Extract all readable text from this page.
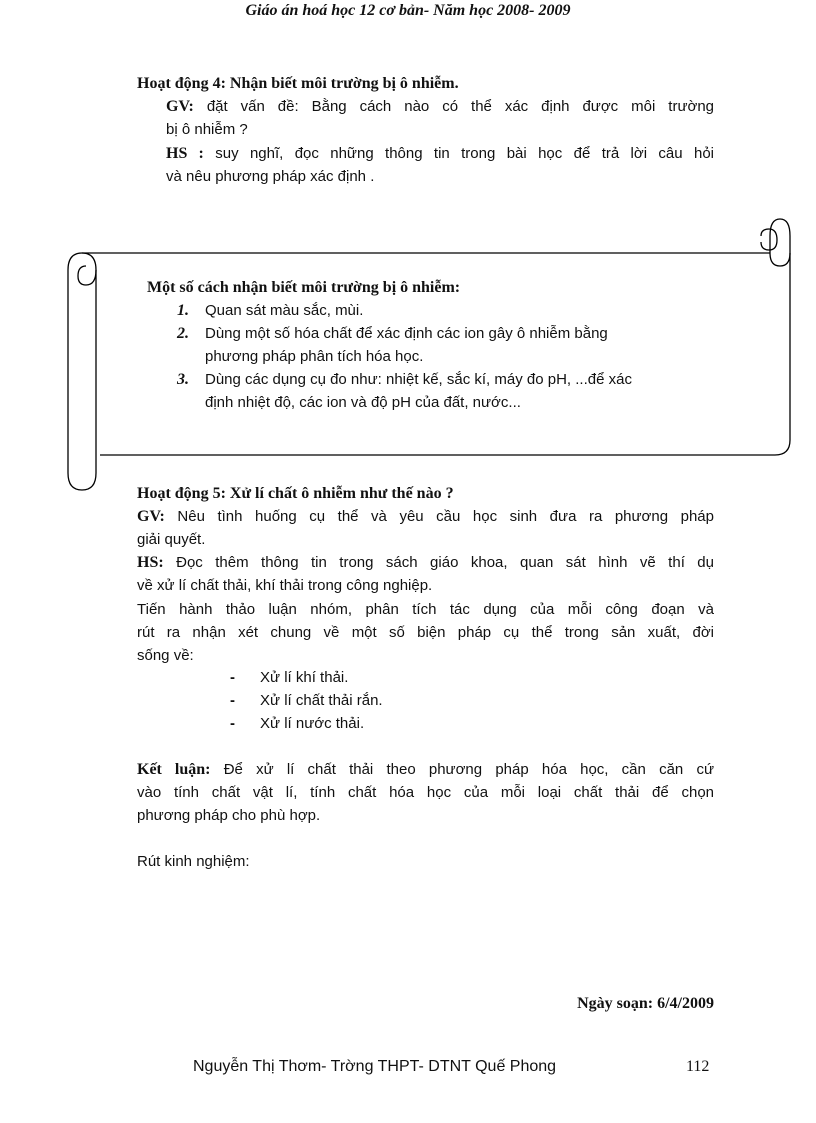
Giáo án hoá học 12 cơ bản- Năm học 2008- 2009
Hoạt động 4: Nhận biết môi trường bị ô nhiễm.
GV: đặt vấn đề: Bằng cách nào có thể xác định được môi trường
bị ô nhiễm ?
HS : suy nghĩ, đọc những thông tin trong bài học để trả lời câu hỏi
và nêu phương pháp xác định .
Một số cách nhận biết môi trường bị ô nhiễm:
1. Quan sát màu sắc, mùi.
2. Dùng một số hóa chất để xác định các ion gây ô nhiễm bằng
phương pháp phân tích hóa học.
3. Dùng các dụng cụ đo như: nhiệt kế, sắc kí, máy đo pH, ...để xác
định nhiệt độ, các ion và độ pH của đất, nước...
Hoạt động 5: Xử lí chất ô nhiễm như thế nào ?
GV: Nêu tình huống cụ thể và yêu cầu học sinh đưa ra phương pháp
giải quyết.
HS: Đọc thêm thông tin trong sách giáo khoa, quan sát hình vẽ thí dụ
về xử lí chất thải, khí thải trong công nghiệp.
Tiến hành thảo luận nhóm, phân tích tác dụng của mỗi công đoạn và
rút ra nhận xét chung về một số biện pháp cụ thể trong sản xuất, đời
sống về:
- Xử lí khí thải.
- Xử lí chất thải rắn.
- Xử lí nước thải.
Kết luận: Để xử lí chất thải theo phương pháp hóa học, cần căn cứ
vào tính chất vật lí, tính chất hóa học của mỗi loại chất thải để chọn
phương pháp cho phù hợp.
Rút kinh nghiệm:
Ngày soạn: 6/4/2009
Nguyễn Thị Thơm- Trờng THPT- DTNT Quế Phong	112
